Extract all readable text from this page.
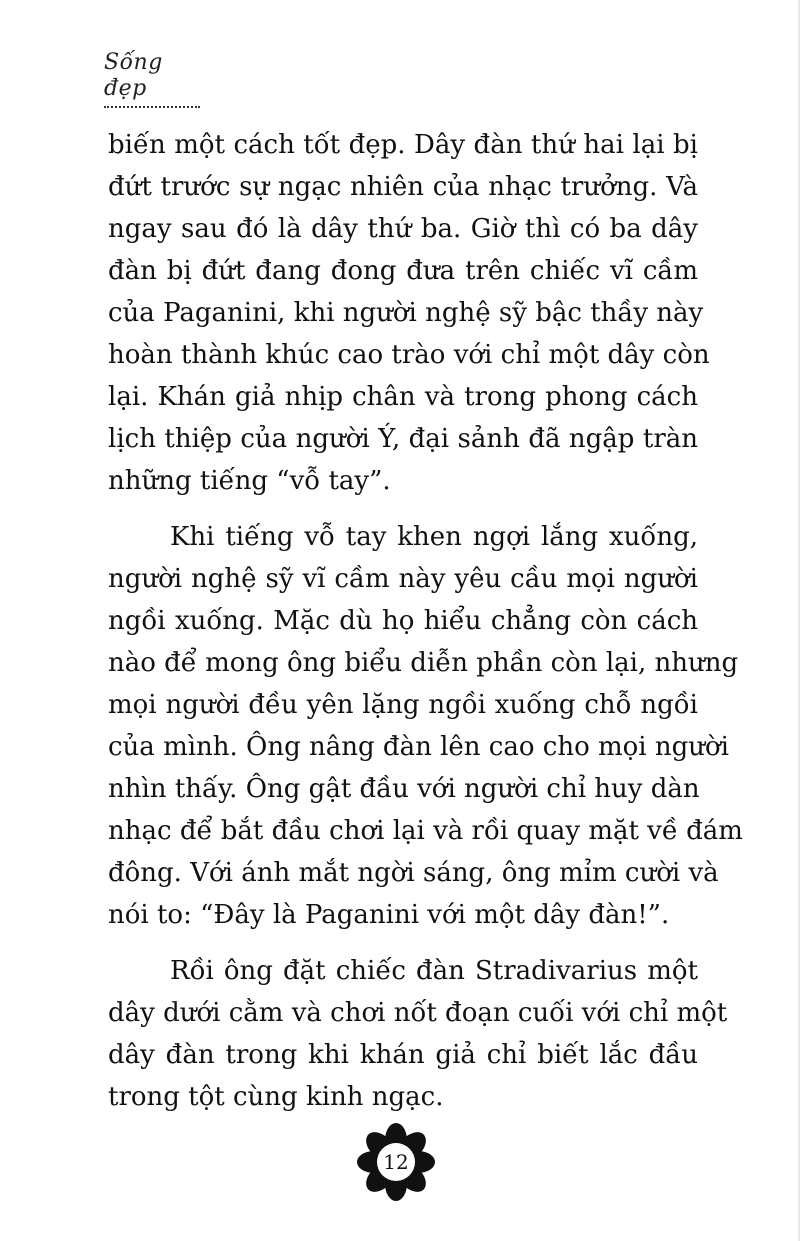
Sống đẹp
biến một cách tốt đẹp. Dây đàn thứ hai lại bị
đứt trước sự ngạc nhiên của nhạc trưởng. Và
ngay sau đó là dây thứ ba. Giờ thì có ba dây
đàn bị đứt đang đong đưa trên chiếc vĩ cầm
của Paganini, khi người nghệ sỹ bậc thầy này
hoàn thành khúc cao trào với chỉ một dây còn
lại. Khán giả nhịp chân và trong phong cách
lịch thiệp của người Ý, đại sảnh đã ngập tràn
những tiếng “vỗ tay”.
Khi tiếng vỗ tay khen ngợi lắng xuống,
người nghệ sỹ vĩ cầm này yêu cầu mọi người
ngồi xuống. Mặc dù họ hiểu chẳng còn cách
nào để mong ông biểu diễn phần còn lại, nhưng
mọi người đều yên lặng ngồi xuống chỗ ngồi
của mình. Ông nâng đàn lên cao cho mọi người
nhìn thấy. Ông gật đầu với người chỉ huy dàn
nhạc để bắt đầu chơi lại và rồi quay mặt về đám
đông. Với ánh mắt ngời sáng, ông mỉm cười và
nói to: “Đây là Paganini với một dây đàn!”.
Rồi ông đặt chiếc đàn Stradivarius một
dây dưới cằm và chơi nốt đoạn cuối với chỉ một
dây đàn trong khi khán giả chỉ biết lắc đầu
trong tột cùng kinh ngạc.
12
